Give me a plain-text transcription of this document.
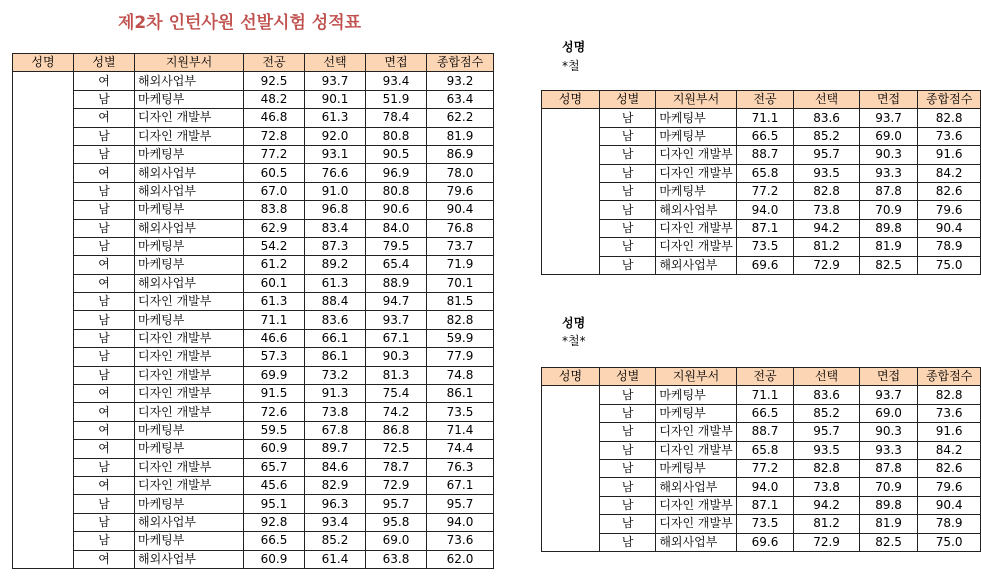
제2차 인턴사원 선발시험 성적표
성명	성별	지원부서	전공	선택	면접	종합점수
	여	해외사업부	92.5	93.7	93.4	93.2
	남	마케팅부	48.2	90.1	51.9	63.4
	여	디자인 개발부	46.8	61.3	78.4	62.2
	남	디자인 개발부	72.8	92.0	80.8	81.9
	남	마케팅부	77.2	93.1	90.5	86.9
	여	해외사업부	60.5	76.6	96.9	78.0
	남	해외사업부	67.0	91.0	80.8	79.6
	남	마케팅부	83.8	96.8	90.6	90.4
	남	해외사업부	62.9	83.4	84.0	76.8
	남	마케팅부	54.2	87.3	79.5	73.7
	여	마케팅부	61.2	89.2	65.4	71.9
	여	해외사업부	60.1	61.3	88.9	70.1
	남	디자인 개발부	61.3	88.4	94.7	81.5
	남	마케팅부	71.1	83.6	93.7	82.8
	남	디자인 개발부	46.6	66.1	67.1	59.9
	남	디자인 개발부	57.3	86.1	90.3	77.9
	남	디자인 개발부	69.9	73.2	81.3	74.8
	여	디자인 개발부	91.5	91.3	75.4	86.1
	여	디자인 개발부	72.6	73.8	74.2	73.5
	여	마케팅부	59.5	67.8	86.8	71.4
	여	마케팅부	60.9	89.7	72.5	74.4
	남	디자인 개발부	65.7	84.6	78.7	76.3
	여	디자인 개발부	45.6	82.9	72.9	67.1
	남	마케팅부	95.1	96.3	95.7	95.7
	남	해외사업부	92.8	93.4	95.8	94.0
	남	마케팅부	66.5	85.2	69.0	73.6
	여	해외사업부	60.9	61.4	63.8	62.0
성명
*철
성명	성별	지원부서	전공	선택	면접	종합점수
	남	마케팅부	71.1	83.6	93.7	82.8
	남	마케팅부	66.5	85.2	69.0	73.6
	남	디자인 개발부	88.7	95.7	90.3	91.6
	남	디자인 개발부	65.8	93.5	93.3	84.2
	남	마케팅부	77.2	82.8	87.8	82.6
	남	해외사업부	94.0	73.8	70.9	79.6
	남	디자인 개발부	87.1	94.2	89.8	90.4
	남	디자인 개발부	73.5	81.2	81.9	78.9
	남	해외사업부	69.6	72.9	82.5	75.0
성명
*철*
성명	성별	지원부서	전공	선택	면접	종합점수
	남	마케팅부	71.1	83.6	93.7	82.8
	남	마케팅부	66.5	85.2	69.0	73.6
	남	디자인 개발부	88.7	95.7	90.3	91.6
	남	디자인 개발부	65.8	93.5	93.3	84.2
	남	마케팅부	77.2	82.8	87.8	82.6
	남	해외사업부	94.0	73.8	70.9	79.6
	남	디자인 개발부	87.1	94.2	89.8	90.4
	남	디자인 개발부	73.5	81.2	81.9	78.9
	남	해외사업부	69.6	72.9	82.5	75.0
